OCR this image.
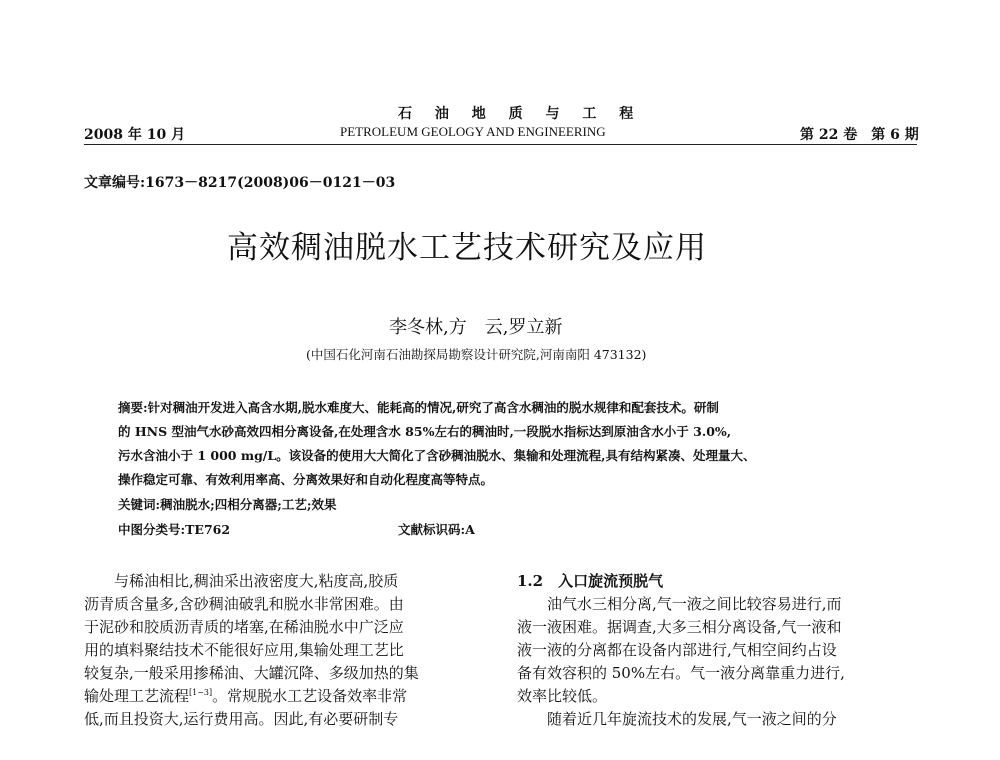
石 油 地 质 与 工 程
2008 年 10 月	PETROLEUM GEOLOGY AND ENGINEERING	第 22 卷　第 6 期
文章编号:1673－8217(2008)06－0121－03
高效稠油脱水工艺技术研究及应用
李冬林,方　云,罗立新
(中国石化河南石油勘探局勘察设计研究院,河南南阳 473132)
摘要:针对稠油开发进入高含水期,脱水难度大、能耗高的情况,研究了高含水稠油的脱水规律和配套技术。研制
的 HNS 型油气水砂高效四相分离设备,在处理含水 85%左右的稠油时,一段脱水指标达到原油含水小于 3.0%,
污水含油小于 1 000 mg/L。该设备的使用大大简化了含砂稠油脱水、集输和处理流程,具有结构紧凑、处理量大、
操作稳定可靠、有效利用率高、分离效果好和自动化程度高等特点。
关键词:稠油脱水;四相分离器;工艺;效果
中图分类号:TE762	文献标识码:A
　　与稀油相比,稠油采出液密度大,粘度高,胶质
沥青质含量多,含砂稠油破乳和脱水非常困难。由
于泥砂和胶质沥青质的堵塞,在稀油脱水中广泛应
用的填料聚结技术不能很好应用,集输处理工艺比
较复杂,一般采用掺稀油、大罐沉降、多级加热的集
输处理工艺流程[1~3]。常规脱水工艺设备效率非常
低,而且投资大,运行费用高。因此,有必要研制专
1.2　入口旋流预脱气
　　油气水三相分离,气一液之间比较容易进行,而
液一液困难。据调查,大多三相分离设备,气一液和
液一液的分离都在设备内部进行,气相空间约占设
备有效容积的 50%左右。气一液分离靠重力进行,
效率比较低。
　　随着近几年旋流技术的发展,气一液之间的分
